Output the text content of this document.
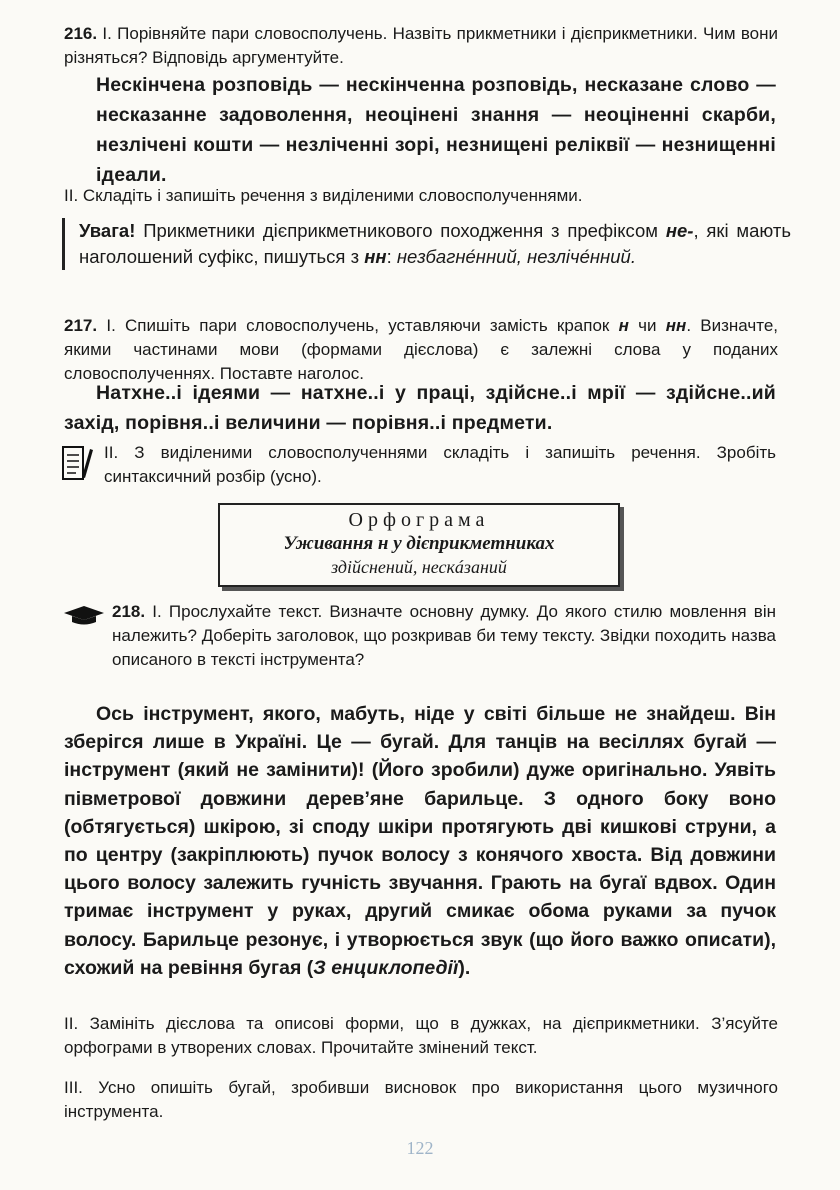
216. I. Порівняйте пари словосполучень. Назвіть прикметники і дієприкметники. Чим вони різняться? Відповідь аргументуйте.
Нескінчена розповідь — нескінченна розповідь, несказане слово — несказанне задоволення, неоцінені знання — неоціненні скарби, незлічені кошти — незліченні зорі, незнищені реліквії — незнищенні ідеали.
II. Складіть і запишіть речення з виділеними словосполученнями.
Увага! Прикметники дієприкметникового походження з префіксом не-, які мають наголошений суфікс, пишуться з нн: незбагне́нний, незліче́нний.
217. I. Спишіть пари словосполучень, уставляючи замість крапок н чи нн. Визначте, якими частинами мови (формами дієслова) є залежні слова у поданих словосполученнях. Поставте наголос.
Натхне..і ідеями — натхне..і у праці, здійсне..і мрії — здійсне..ий захід, порівня..і величини — порівня..і предмети.
II. З виділеними словосполученнями складіть і запишіть речення. Зробіть синтаксичний розбір (усно).
Орфограма
Уживання н у дієприкметниках
здійснений, нескáзаний
218. I. Прослухайте текст. Визначте основну думку. До якого стилю мовлення він належить? Доберіть заголовок, що розкривав би тему тексту. Звідки походить назва описаного в тексті інструмента?
Ось інструмент, якого, мабуть, ніде у світі більше не знайдеш. Він зберігся лише в Україні. Це — бугай. Для танців на весіллях бугай — інструмент (який не замінити)! (Його зробили) дуже оригінально. Уявіть півметрової довжини дерев’яне барильце. З одного боку воно (обтягується) шкірою, зі споду шкіри протягують дві кишкові струни, а по центру (закріплюють) пучок волосу з конячого хвоста. Від довжини цього волосу залежить гучність звучання. Грають на бугаї вдвох. Один тримає інструмент у руках, другий смикає обома руками за пучок волосу. Барильце резонує, і утворюється звук (що його важко описати), схожий на ревіння бугая (З енциклопедії).
II. Замініть дієслова та описові форми, що в дужках, на дієприкметники. З’ясуйте орфограми в утворених словах. Прочитайте змінений текст.
III. Усно опишіть бугай, зробивши висновок про використання цього музичного інструмента.
122
